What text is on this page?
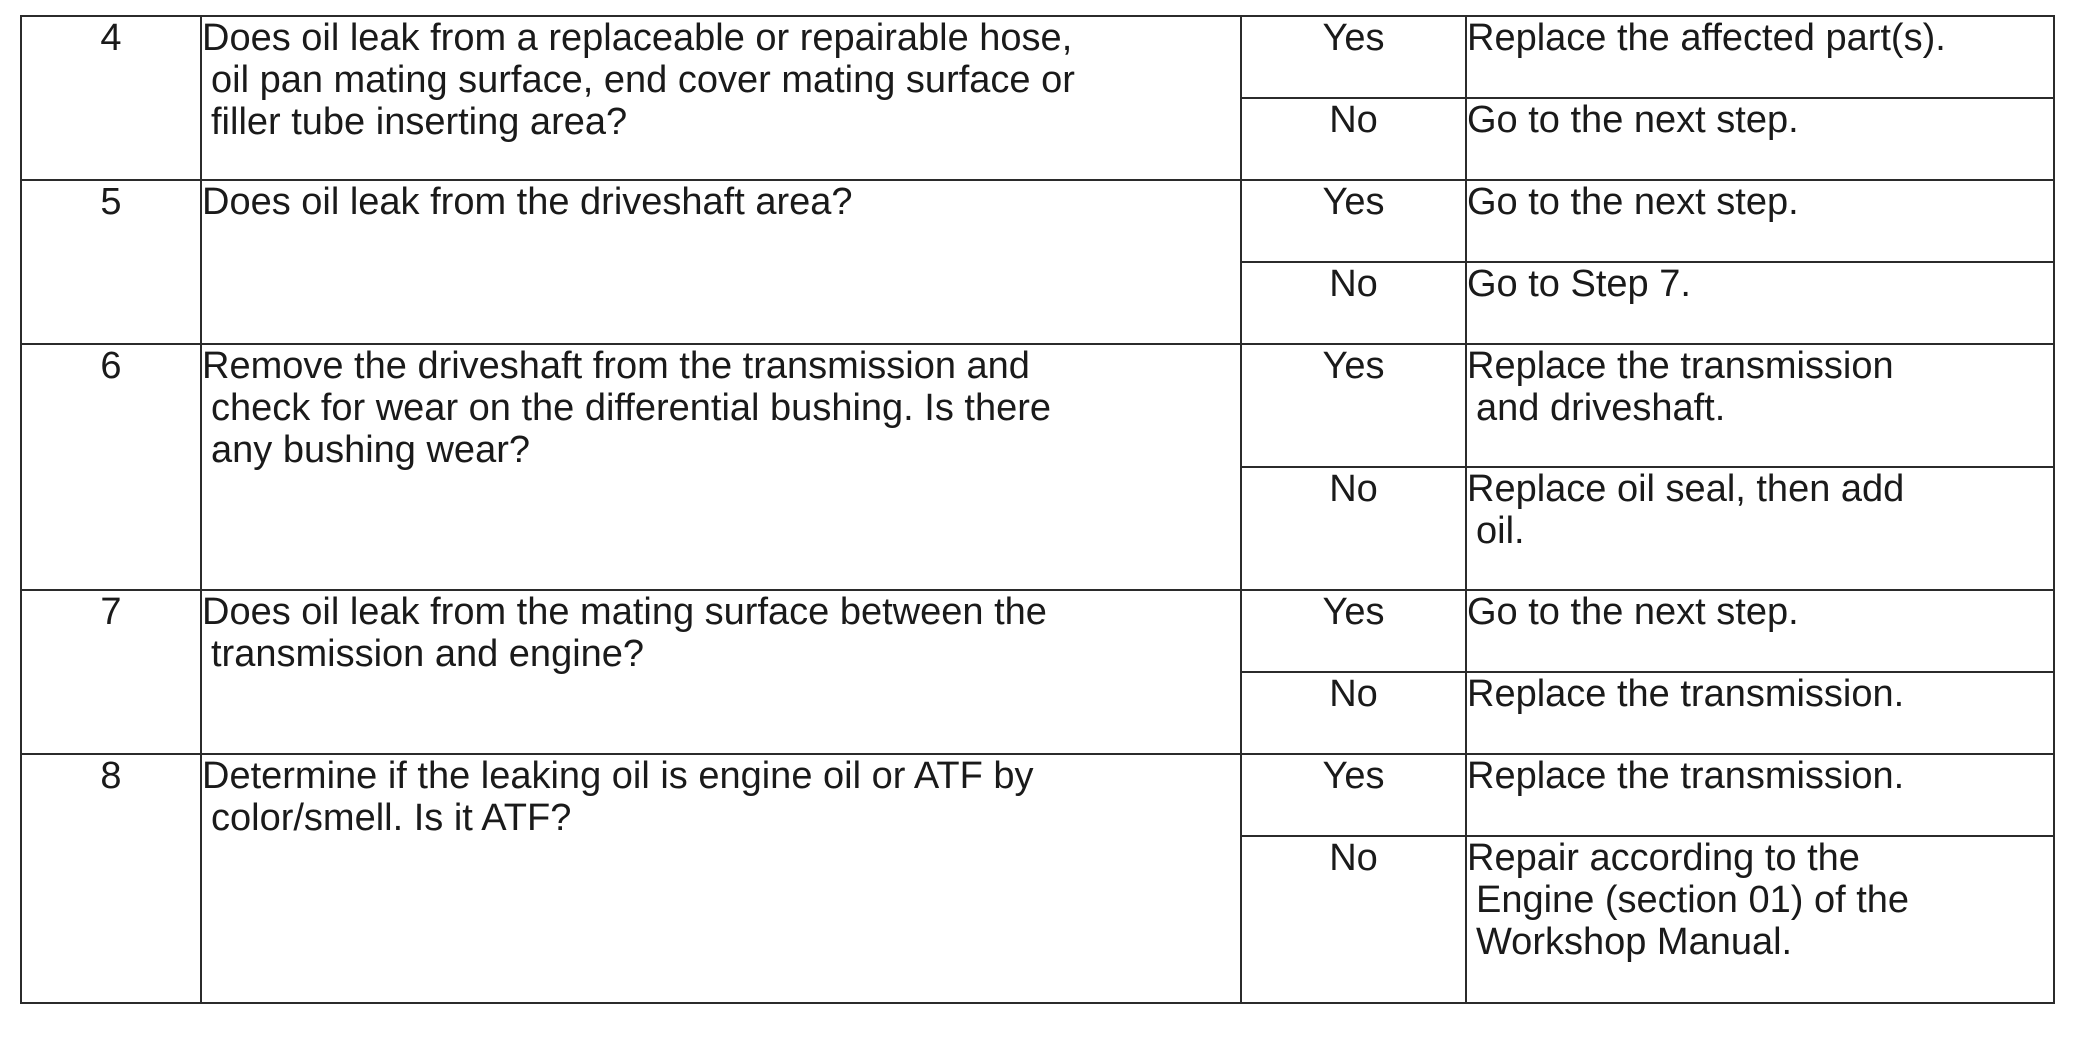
4	Does oil leak from a replaceable or repairable hose,
oil pan mating surface, end cover mating surface or
filler tube inserting area?	Yes	Replace the affected part(s).

		No	Go to the next step.

5	Does oil leak from the driveshaft area?	Yes	Go to the next step.

		No	Go to Step 7.

6	Remove the driveshaft from the transmission and
check for wear on the differential bushing. Is there
any bushing wear?	Yes	Replace the transmission
and driveshaft.

		No	Replace oil seal, then add
oil.

7	Does oil leak from the mating surface between the
transmission and engine?	Yes	Go to the next step.

		No	Replace the transmission.

8	Determine if the leaking oil is engine oil or ATF by
color/smell. Is it ATF?	Yes	Replace the transmission.

		No	Repair according to the
Engine (section 01) of the
Workshop Manual.
